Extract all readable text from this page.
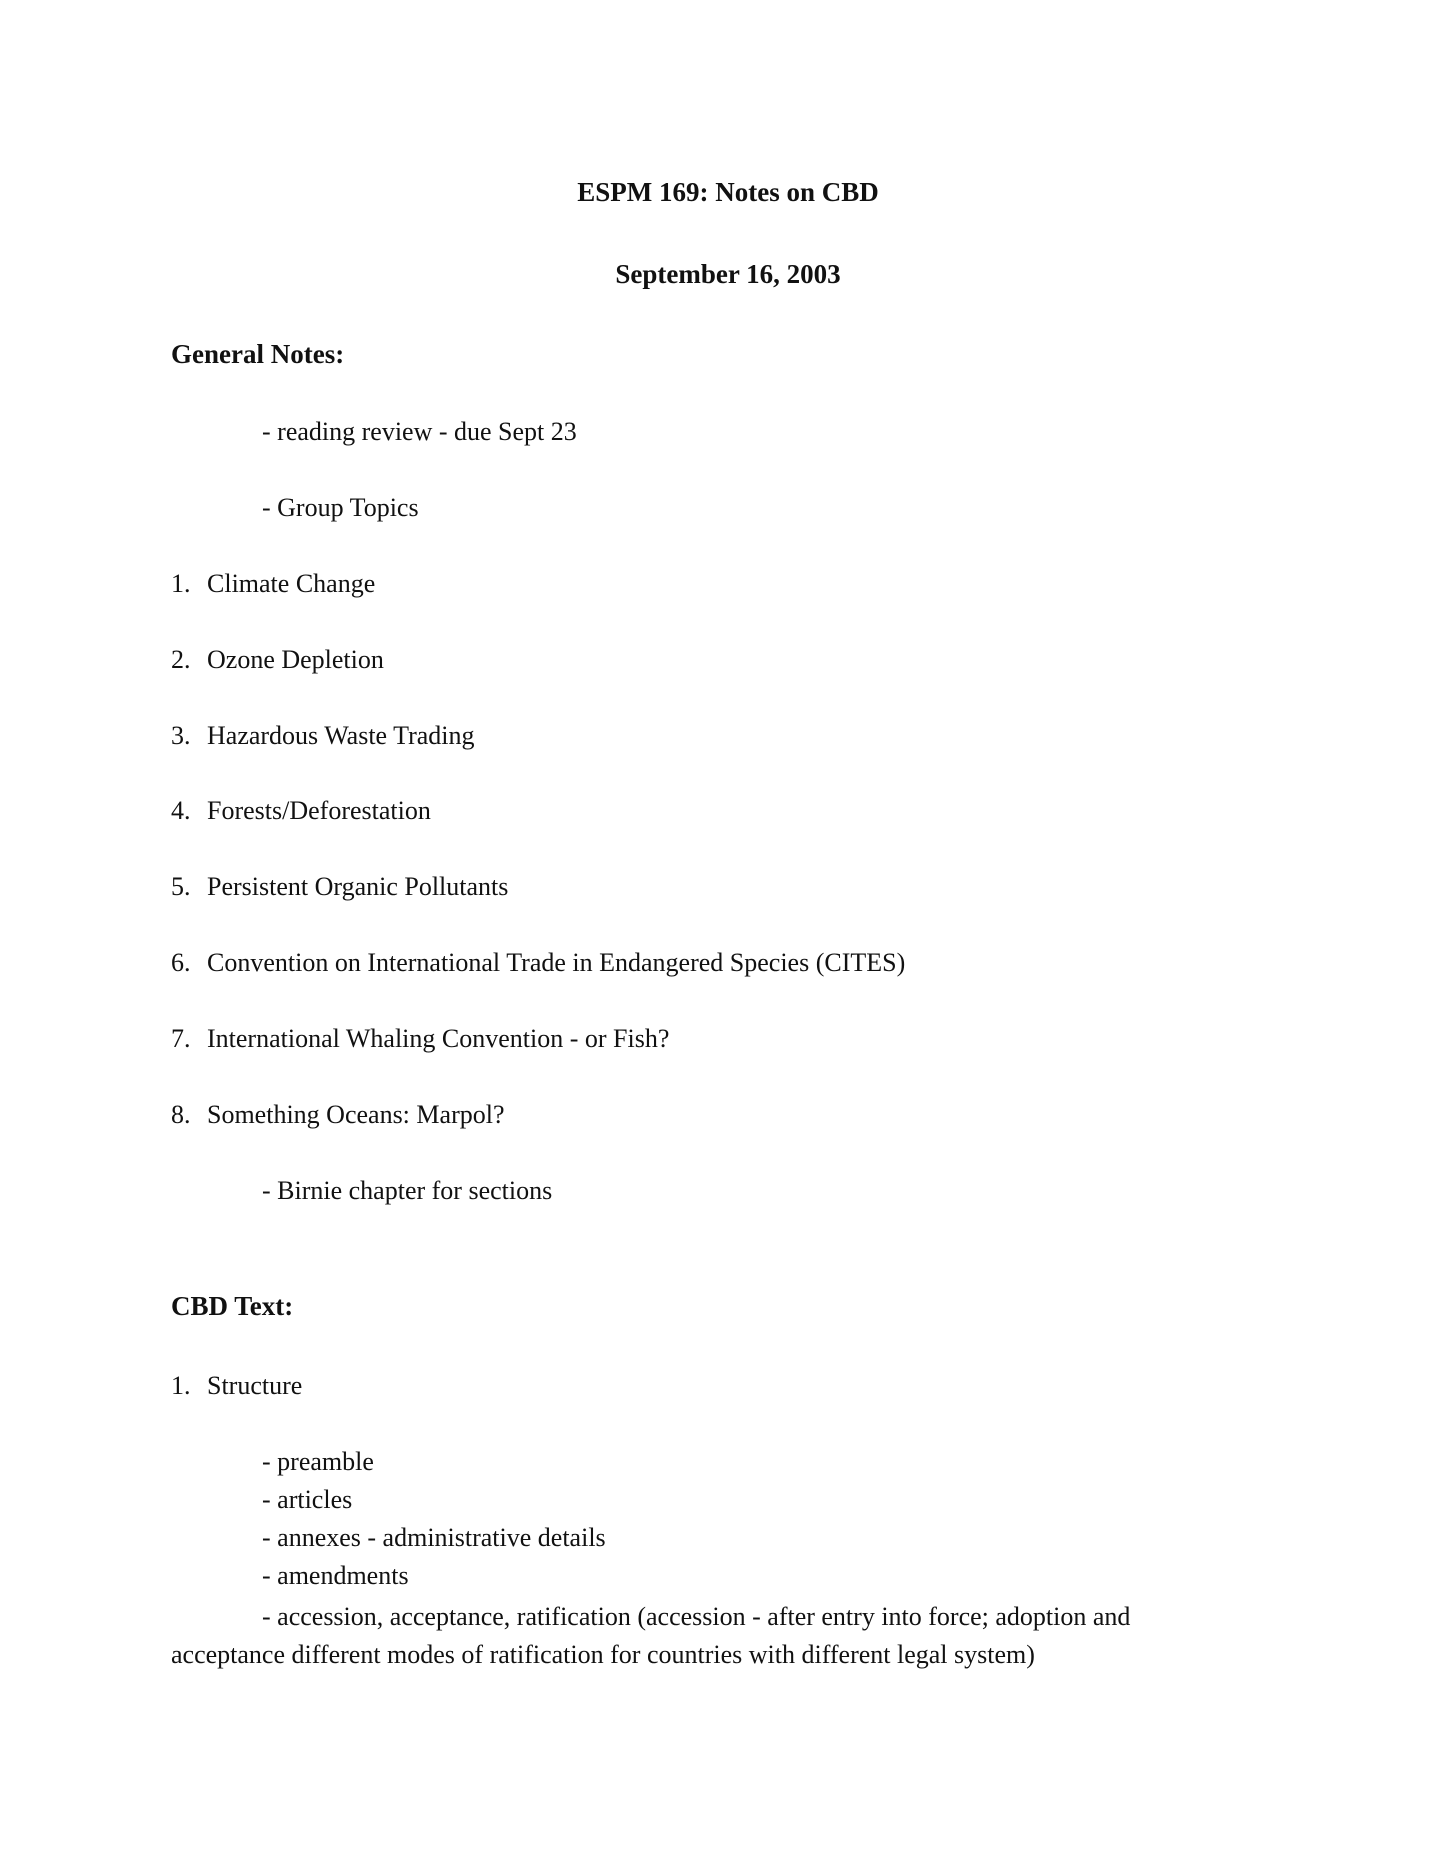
ESPM 169: Notes on CBD
September 16, 2003
General Notes:
- reading review - due Sept 23
- Group Topics
1. Climate Change
2. Ozone Depletion
3. Hazardous Waste Trading
4. Forests/Deforestation
5. Persistent Organic Pollutants
6. Convention on International Trade in Endangered Species (CITES)
7. International Whaling Convention - or Fish?
8. Something Oceans: Marpol?
- Birnie chapter for sections
CBD Text:
1. Structure
- preamble
- articles
- annexes - administrative details
- amendments
- accession, acceptance, ratification (accession - after entry into force; adoption and acceptance different modes of ratification for countries with different legal system)
